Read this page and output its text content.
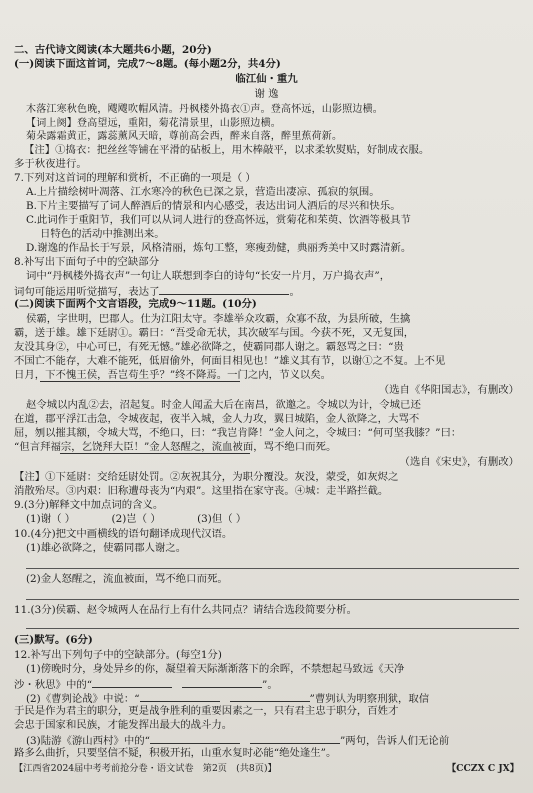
二、古代诗文阅读(本大题共6小题，20分)
(一)阅读下面这首词，完成7～8题。(每小题2分，共4分)
临江仙・重九
谢 逸
木落江寒秋色晚，飕飕吹帽风清。丹枫楼外捣衣①声。登高怀远，山影照边横。
【词上阕】登高望远，重阳，菊花清景里，山影照边横。
菊朵露霜黄正，露蕊薰风天暗，尊前高会西，醉来自落，醉里蕉荷新。
【注】①捣衣：把丝丝等铺在平滑的砧板上，用木棒敲平，以求柔软熨贴，好制成衣服。
多于秋夜进行。
7.下列对这首词的理解和赏析，不正确的一项是（ ）
A.上片描绘树叶凋落、江水寒冷的秋色已深之景，营造出凄凉、孤寂的氛围。
B.下片主要描写了词人醉酒后的情景和内心感受，表达出词人酒后的尽兴和快乐。
C.此词作于重阳节，我们可以从词人进行的登高怀远，赏菊花和茱萸、饮酒等极具节
日特色的活动中推测出来。
D.谢逸的作品长于写景，风格清丽，炼句工整，寒瘦劲健，典丽秀美中又时露清新。
8.补写出下面句子中的空缺部分
词中“丹枫楼外捣衣声”一句让人联想到李白的诗句“长安一片月，万户捣衣声”，
词句可能运用听觉描写，表达了	。
(二)阅读下面两个文言语段，完成9～11题。(10分)
侯霸，字世明，巴郡人。仕为江阳太守。李雄举众攻霸，众寡不敌，为县所破，生擒
霸，送于雄。雄下廷尉①。霸曰：“吾受命无状，其次破军与国。今获不死，又无复国，
友没其身②，中心可已，有死无憾。”雄必欲降之，使霸同郡人谢之。霸怒骂之曰：“贵
不国亡不能存，大难不能死，低眉偷外，何面目相见也！”雄义其有节，以谢①之不复。上不见
日月，下不愧王侯，吾岂苟生乎？”终不降焉。一门之内，节义以矣。
（选自《华阳国志》，有删改）
赵令城以内乱②去，沼起复。时金人闻孟大后在南昌，欲邀之。令城以为计，令城已还
在道，郡平浮江击急，令城夜起，夜半入城，金人力攻，翼日城陷，金人欲降之，大骂不
屈，刎以摧其额，令城大骂，不绝口，曰：“我岂肯降！”金人问之，令城曰：“何可坚我膝？”曰：
“但言拜福宗，乞饶拜大臣！”金人怒醒之，流血被面，骂不绝口而死。
（选自《宋史》，有删改）
【注】①下延尉：交给廷尉处罚。②灰祝其分，为职分覆没。灰没，蒙受，如灰烬之
消散殆尽。③内艰：旧称遭母丧为“内艰”。这里指在家守丧。④城：走半路拦截。
9.(3分)解释文中加点词的含义。
(1)谢（ ）　　　　(2)岂（ ）　　　　(3)但（ ）
10.(4分)把文中画横线的语句翻译成现代汉语。
(1)雄必欲降之，使霸同郡人谢之。
(2)金人怒醒之，流血被面，骂不绝口而死。
11.(3分)侯霸、赵令城两人在品行上有什么共同点？请结合选段简要分析。
(三)默写。(6分)
12.补写出下列句子中的空缺部分。(每空1分)
(1)傍晚时分，身处异乡的你，凝望着天际渐渐落下的余晖，不禁想起马致远《天净
沙・秋思》中的“	”。
(2)《曹刿论战》中说：“	”曹刿认为明察刑狱，取信
于民是作为君主的职分，更是战争胜利的重要因素之一，只有君主忠于职分，百姓才
会忠于国家和民族，才能发挥出最大的战斗力。
(3)陆游《游山西村》中的“	”两句，告诉人们无论前
路多么曲折，只要坚信不疑，积极开拓，山重水复时必能“绝处逢生”。
【江西省2024届中考考前抢分卷・语文试卷　第2页　(共8页)】	【CCZX C JX】
